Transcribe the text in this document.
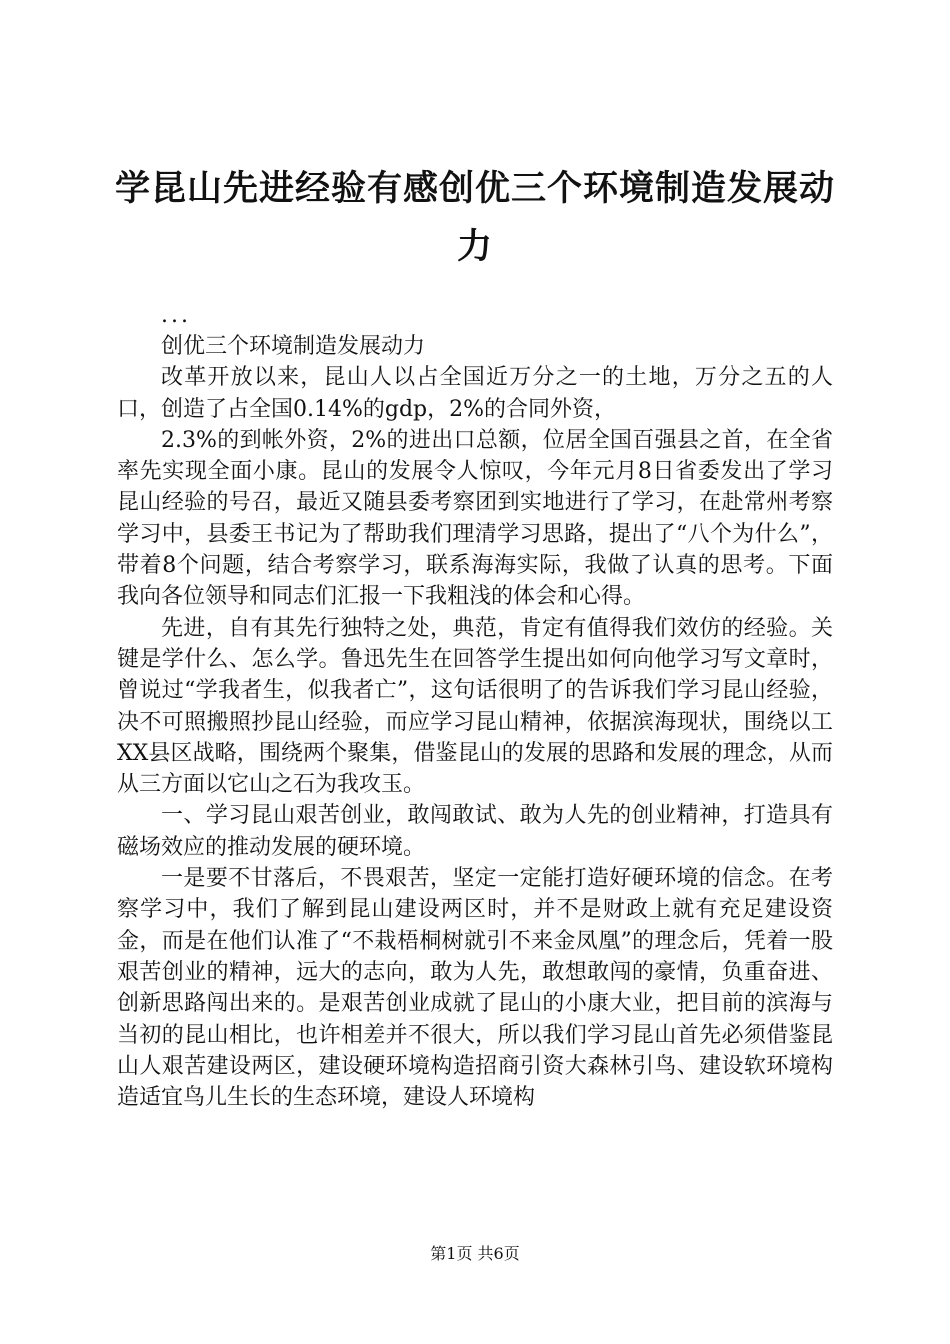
学昆山先进经验有感创优三个环境制造发展动力

...

创优三个环境制造发展动力

改革开放以来，昆山人以占全国近万分之一的土地，万分之五的人口，创造了占全国0.14%的gdp，2%的合同外资，

2.3%的到帐外资，2%的进出口总额，位居全国百强县之首，在全省率先实现全面小康。昆山的发展令人惊叹，今年元月8日省委发出了学习昆山经验的号召，最近又随县委考察团到实地进行了学习，在赴常州考察学习中，县委王书记为了帮助我们理清学习思路，提出了“八个为什么”，带着8个问题，结合考察学习，联系海海实际，我做了认真的思考。下面我向各位领导和同志们汇报一下我粗浅的体会和心得。

先进，自有其先行独特之处，典范，肯定有值得我们效仿的经验。关键是学什么、怎么学。鲁迅先生在回答学生提出如何向他学习写文章时，曾说过“学我者生，似我者亡”，这句话很明了的告诉我们学习昆山经验，决不可照搬照抄昆山经验，而应学习昆山精神，依据滨海现状，围绕以工XX县区战略，围绕两个聚集，借鉴昆山的发展的思路和发展的理念，从而从三方面以它山之石为我攻玉。

一、学习昆山艰苦创业，敢闯敢试、敢为人先的创业精神，打造具有磁场效应的推动发展的硬环境。

一是要不甘落后，不畏艰苦，坚定一定能打造好硬环境的信念。在考察学习中，我们了解到昆山建设两区时，并不是财政上就有充足建设资金，而是在他们认准了“不栽梧桐树就引不来金凤凰”的理念后，凭着一股艰苦创业的精神，远大的志向，敢为人先，敢想敢闯的豪情，负重奋进、创新思路闯出来的。是艰苦创业成就了昆山的小康大业，把目前的滨海与当初的昆山相比，也许相差并不很大，所以我们学习昆山首先必须借鉴昆山人艰苦建设两区，建设硬环境构造招商引资大森林引鸟、建设软环境构造适宜鸟儿生长的生态环境，建设人环境构

第1页 共6页
